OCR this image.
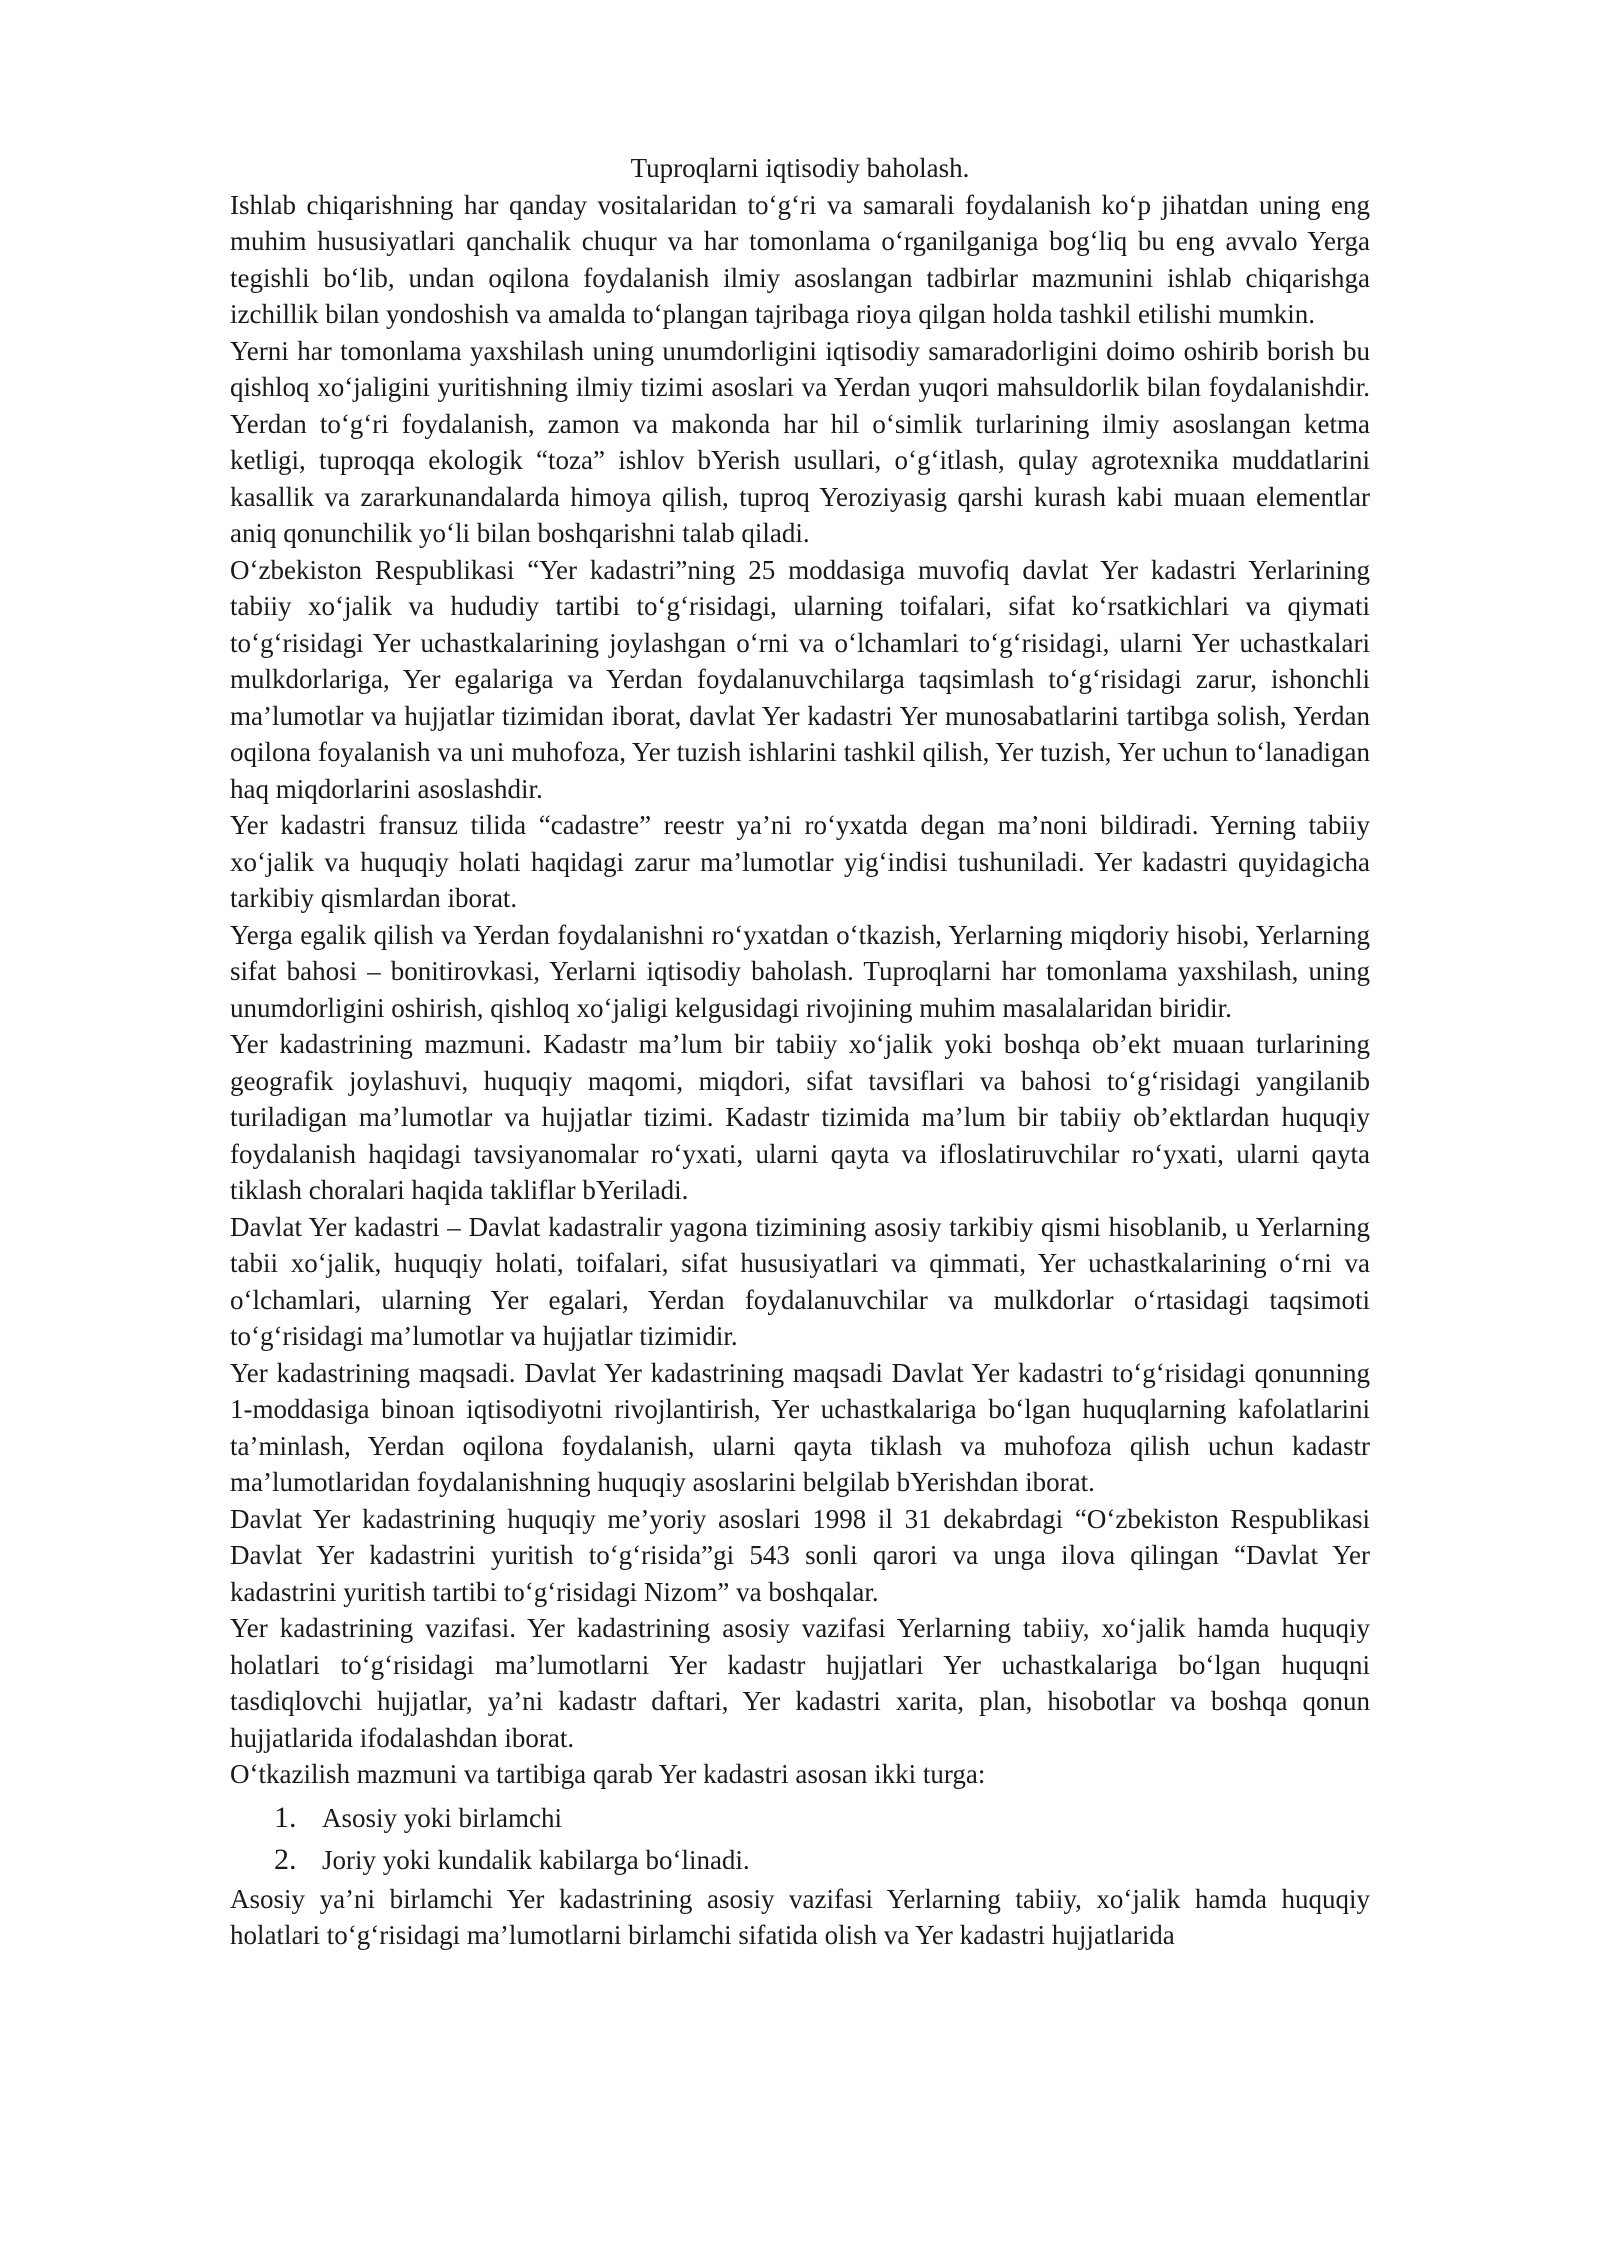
Tuproqlarni iqtisodiy baholash.

Ishlab chiqarishning har qanday vositalaridan to‘g‘ri va samarali foydalanish ko‘p jihatdan uning eng muhim hususiyatlari qanchalik chuqur va har tomonlama o‘rganilganiga bog‘liq bu eng avvalo Yerga tegishli bo‘lib, undan oqilona foydalanish ilmiy asoslangan tadbirlar mazmunini ishlab chiqarishga izchillik bilan yondoshish va amalda to‘plangan tajribaga rioya qilgan holda tashkil etilishi mumkin.

Yerni har tomonlama yaxshilash uning unumdorligini iqtisodiy samaradorligini doimo oshirib borish bu qishloq xo‘jaligini yuritishning ilmiy tizimi asoslari va Yerdan yuqori mahsuldorlik bilan foydalanishdir. Yerdan to‘g‘ri foydalanish, zamon va makonda har hil o‘simlik turlarining ilmiy asoslangan ketma ketligi, tuproqqa ekologik “toza” ishlov bYerish usullari, o‘g‘itlash, qulay agrotexnika muddatlarini kasallik va zararkunandalarda himoya qilish, tuproq Yeroziyasig qarshi kurash kabi muaan elementlar aniq qonunchilik yo‘li bilan boshqarishni talab qiladi.

O‘zbekiston Respublikasi “Yer kadastri”ning 25 moddasiga muvofiq davlat Yer kadastri Yerlarining tabiiy xo‘jalik va hududiy tartibi to‘g‘risidagi, ularning toifalari, sifat ko‘rsatkichlari va qiymati to‘g‘risidagi Yer uchastkalarining joylashgan o‘rni va o‘lchamlari to‘g‘risidagi, ularni Yer uchastkalari mulkdorlariga, Yer egalariga va Yerdan foydalanuvchilarga taqsimlash to‘g‘risidagi zarur, ishonchli ma’lumotlar va hujjatlar tizimidan iborat, davlat Yer kadastri Yer munosabatlarini tartibga solish, Yerdan oqilona foyalanish va uni muhofoza, Yer tuzish ishlarini tashkil qilish, Yer tuzish, Yer uchun to‘lanadigan haq miqdorlarini asoslashdir.

Yer kadastri fransuz tilida “cadastre” reestr ya’ni ro‘yxatda degan ma’noni bildiradi. Yerning tabiiy xo‘jalik va huquqiy holati haqidagi zarur ma’lumotlar yig‘indisi tushuniladi. Yer kadastri quyidagicha tarkibiy qismlardan iborat.

Yerga egalik qilish va Yerdan foydalanishni ro‘yxatdan o‘tkazish, Yerlarning miqdoriy hisobi, Yerlarning sifat bahosi – bonitirovkasi, Yerlarni iqtisodiy baholash. Tuproqlarni har tomonlama yaxshilash, uning unumdorligini oshirish, qishloq xo‘jaligi kelgusidagi rivojining muhim masalalaridan biridir.

Yer kadastrining mazmuni. Kadastr ma’lum bir tabiiy xo‘jalik yoki boshqa ob’ekt muaan turlarining geografik joylashuvi, huquqiy maqomi, miqdori, sifat tavsiflari va bahosi to‘g‘risidagi yangilanib turiladigan ma’lumotlar va hujjatlar tizimi. Kadastr tizimida ma’lum bir tabiiy ob’ektlardan huquqiy foydalanish haqidagi tavsiyanomalar ro‘yxati, ularni qayta va ifloslatiruvchilar ro‘yxati, ularni qayta tiklash choralari haqida takliflar bYeriladi.

Davlat Yer kadastri – Davlat kadastralir yagona tizimining asosiy tarkibiy qismi hisoblanib, u Yerlarning tabii xo‘jalik, huquqiy holati, toifalari, sifat hususiyatlari va qimmati, Yer uchastkalarining o‘rni va o‘lchamlari, ularning Yer egalari, Yerdan foydalanuvchilar va mulkdorlar o‘rtasidagi taqsimoti to‘g‘risidagi ma’lumotlar va hujjatlar tizimidir.

Yer kadastrining maqsadi. Davlat Yer kadastrining maqsadi Davlat Yer kadastri to‘g‘risidagi qonunning 1-moddasiga binoan iqtisodiyotni rivojlantirish, Yer uchastkalariga bo‘lgan huquqlarning kafolatlarini ta’minlash, Yerdan oqilona foydalanish, ularni qayta tiklash va muhofoza qilish uchun kadastr ma’lumotlaridan foydalanishning huquqiy asoslarini belgilab bYerishdan iborat.

Davlat Yer kadastrining huquqiy me’yoriy asoslari 1998 il 31 dekabrdagi “O‘zbekiston Respublikasi Davlat Yer kadastrini yuritish to‘g‘risida”gi 543 sonli qarori va unga ilova qilingan “Davlat Yer kadastrini yuritish tartibi to‘g‘risidagi Nizom” va boshqalar.

Yer kadastrining vazifasi. Yer kadastrining asosiy vazifasi Yerlarning tabiiy, xo‘jalik hamda huquqiy holatlari to‘g‘risidagi ma’lumotlarni Yer kadastr hujjatlari Yer uchastkalariga bo‘lgan huquqni tasdiqlovchi hujjatlar, ya’ni kadastr daftari, Yer kadastri xarita, plan, hisobotlar va boshqa qonun hujjatlarida ifodalashdan iborat.

O‘tkazilish mazmuni va tartibiga qarab Yer kadastri asosan ikki turga:

1. Asosiy yoki birlamchi
2. Joriy yoki kundalik kabilarga bo‘linadi.

Asosiy ya’ni birlamchi Yer kadastrining asosiy vazifasi Yerlarning tabiiy, xo‘jalik hamda huquqiy holatlari to‘g‘risidagi ma’lumotlarni birlamchi sifatida olish va Yer kadastri hujjatlarida
